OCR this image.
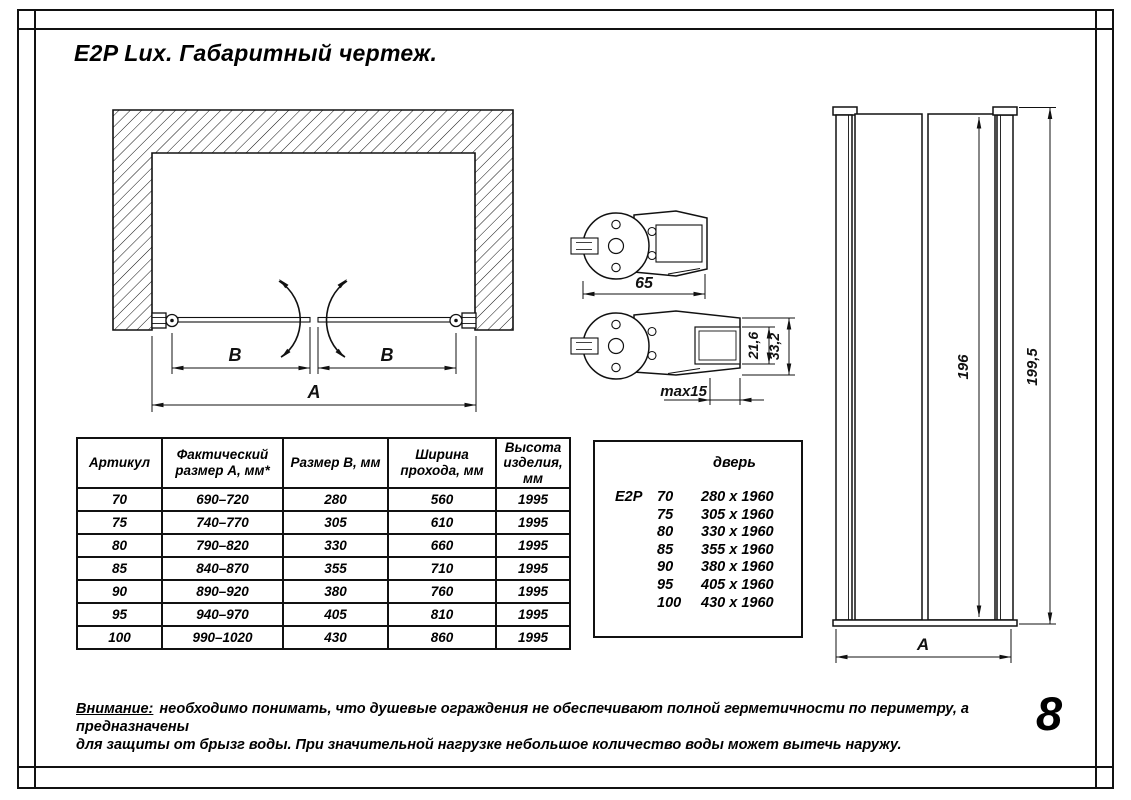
E2P Lux. Габаритный чертеж.
B	B
A
65
21,6 33,2
max15
196	199,5
A
Артикул	Фактический размер А, мм*	Размер В, мм	Ширина прохода, мм	Высота изделия, мм
70	690–720	280	560	1995
75	740–770	305	610	1995
80	790–820	330	660	1995
85	840–870	355	710	1995
90	890–920	380	760	1995
95	940–970	405	810	1995
100	990–1020	430	860	1995
дверь
E2P 70	280 x 1960
75	305 x 1960
80	330 x 1960
85	355 x 1960
90	380 x 1960
95	405 x 1960
100	430 x 1960
Внимание: необходимо понимать, что душевые ограждения не обеспечивают полной герметичности по периметру, а предназначены
для защиты от брызг воды. При значительной нагрузке небольшое количество воды может вытечь наружу.
8
